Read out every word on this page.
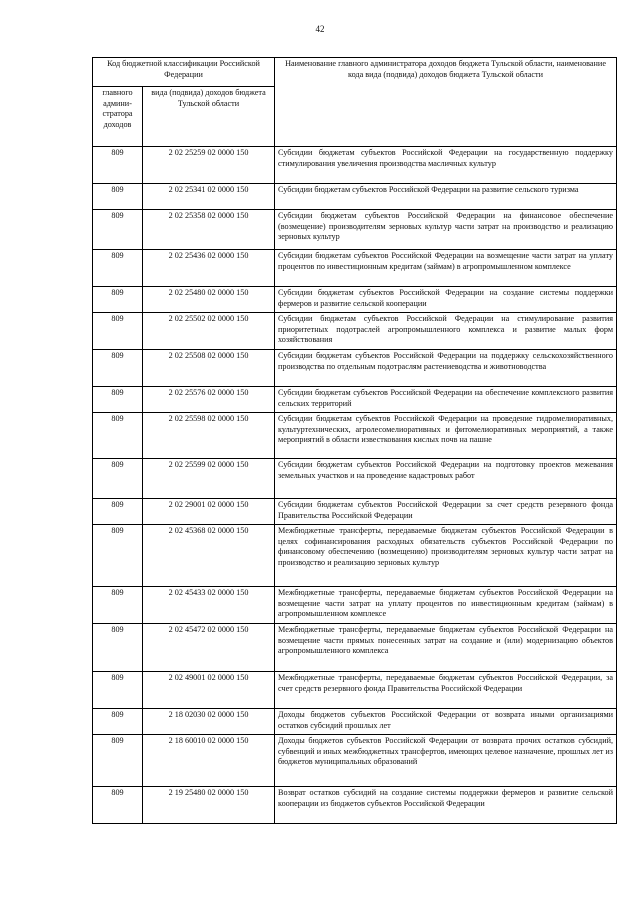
42
Код бюджетной классификации Российской Федерации		Наименование главного администратора доходов бюджета Тульской области, наименование кода вида (подвида) доходов бюджета Тульской области
главного админи-стратора доходов	вида (подвида) доходов бюджета Тульской области	
809	2 02 25259 02 0000 150	Субсидии бюджетам субъектов Российской Федерации на государственную поддержку стимулирования увеличения производства масличных культур
809	2 02 25341 02 0000 150	Субсидии бюджетам субъектов Российской Федерации на развитие сельского туризма
809	2 02 25358 02 0000 150	Субсидии бюджетам субъектов Российской Федерации на финансовое обеспечение (возмещение) производителям зерновых культур части затрат на производство и реализацию зерновых культур
809	2 02 25436 02 0000 150	Субсидии бюджетам субъектов Российской Федерации на возмещение части затрат на уплату процентов по инвестиционным кредитам (займам) в агропромышленном комплексе
809	2 02 25480 02 0000 150	Субсидии бюджетам субъектов Российской Федерации на создание системы поддержки фермеров и развитие сельской кооперации
809	2 02 25502 02 0000 150	Субсидии бюджетам субъектов Российской Федерации на стимулирование развития приоритетных подотраслей агропромышленного комплекса и развитие малых форм хозяйствования
809	2 02 25508 02 0000 150	Субсидии бюджетам субъектов Российской Федерации на поддержку сельскохозяйственного производства по отдельным подотраслям растениеводства и животноводства
809	2 02 25576 02 0000 150	Субсидии бюджетам субъектов Российской Федерации на обеспечение комплексного развития сельских территорий
809	2 02 25598 02 0000 150	Субсидии бюджетам субъектов Российской Федерации на проведение гидромелиоративных, культуртехнических, агролесомелиоративных и фитомелиоративных мероприятий, а также мероприятий в области известкования кислых почв на пашне
809	2 02 25599 02 0000 150	Субсидии бюджетам субъектов Российской Федерации на подготовку проектов межевания земельных участков и на проведение кадастровых работ
809	2 02 29001 02 0000 150	Субсидии бюджетам субъектов Российской Федерации за счет средств резервного фонда Правительства Российской Федерации
809	2 02 45368 02 0000 150	Межбюджетные трансферты, передаваемые бюджетам субъектов Российской Федерации в целях софинансирования расходных обязательств субъектов Российской Федерации по финансовому обеспечению (возмещению) производителям зерновых культур части затрат на производство и реализацию зерновых культур
809	2 02 45433 02 0000 150	Межбюджетные трансферты, передаваемые бюджетам субъектов Российской Федерации на возмещение части затрат на уплату процентов по инвестиционным кредитам (займам) в агропромышленном комплексе
809	2 02 45472 02 0000 150	Межбюджетные трансферты, передаваемые бюджетам субъектов Российской Федерации на возмещение части прямых понесенных затрат на создание и (или) модернизацию объектов агропромышленного комплекса
809	2 02 49001 02 0000 150	Межбюджетные трансферты, передаваемые бюджетам субъектов Российской Федерации, за счет средств резервного фонда Правительства Российской Федерации
809	2 18 02030 02 0000 150	Доходы бюджетов субъектов Российской Федерации от возврата иными организациями остатков субсидий прошлых лет
809	2 18 60010 02 0000 150	Доходы бюджетов субъектов Российской Федерации от возврата прочих остатков субсидий, субвенций и иных межбюджетных трансфертов, имеющих целевое назначение, прошлых лет из бюджетов муниципальных образований
809	2 19 25480 02 0000 150	Возврат остатков субсидий на создание системы поддержки фермеров и развитие сельской кооперации из бюджетов субъектов Российской Федерации
